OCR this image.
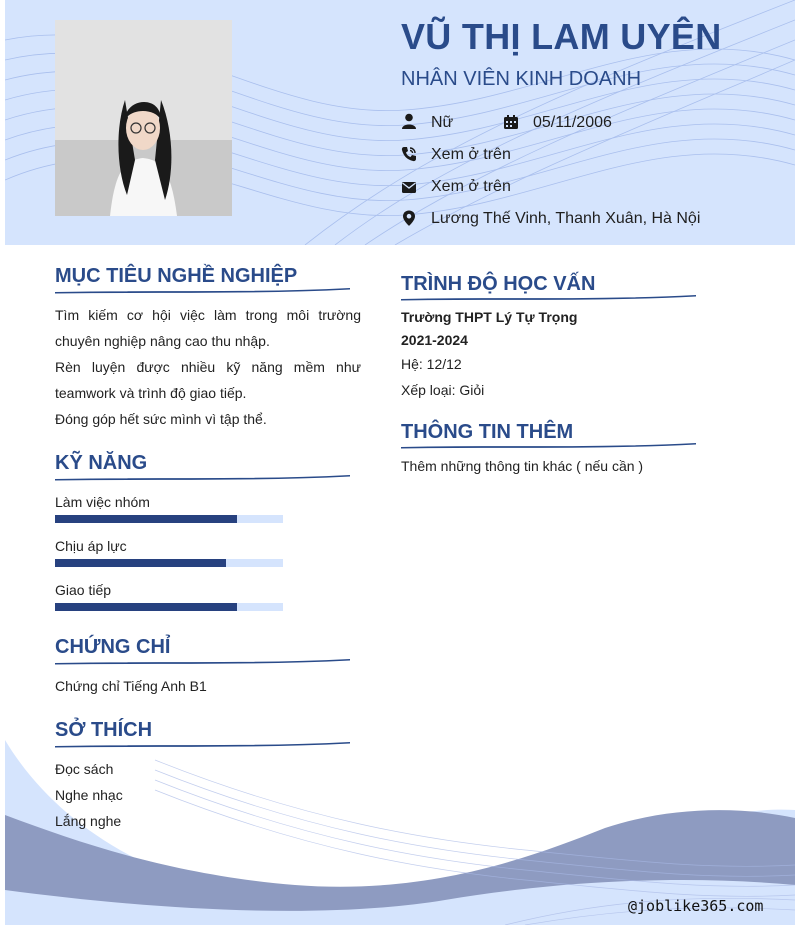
VŨ THỊ LAM UYÊN
NHÂN VIÊN KINH DOANH
Nữ	05/11/2006
Xem ở trên
Xem ở trên
Lương Thế Vinh, Thanh Xuân, Hà Nội
MỤC TIÊU NGHỀ NGHIỆP
Tìm kiếm cơ hội việc làm trong môi trường chuyên nghiệp nâng cao thu nhập.
Rèn luyện được nhiều kỹ năng mềm như teamwork và trình độ giao tiếp.
Đóng góp hết sức mình vì tập thể.
KỸ NĂNG
Làm việc nhóm
Chịu áp lực
Giao tiếp
CHỨNG CHỈ
Chứng chỉ Tiếng Anh B1
SỞ THÍCH
Đọc sách
Nghe nhạc
Lắng nghe
TRÌNH ĐỘ HỌC VẤN
Trường THPT Lý Tự Trọng
2021-2024
Hệ: 12/12
Xếp loại: Giỏi
THÔNG TIN THÊM
Thêm những thông tin khác ( nếu cần )
@joblike365.com
